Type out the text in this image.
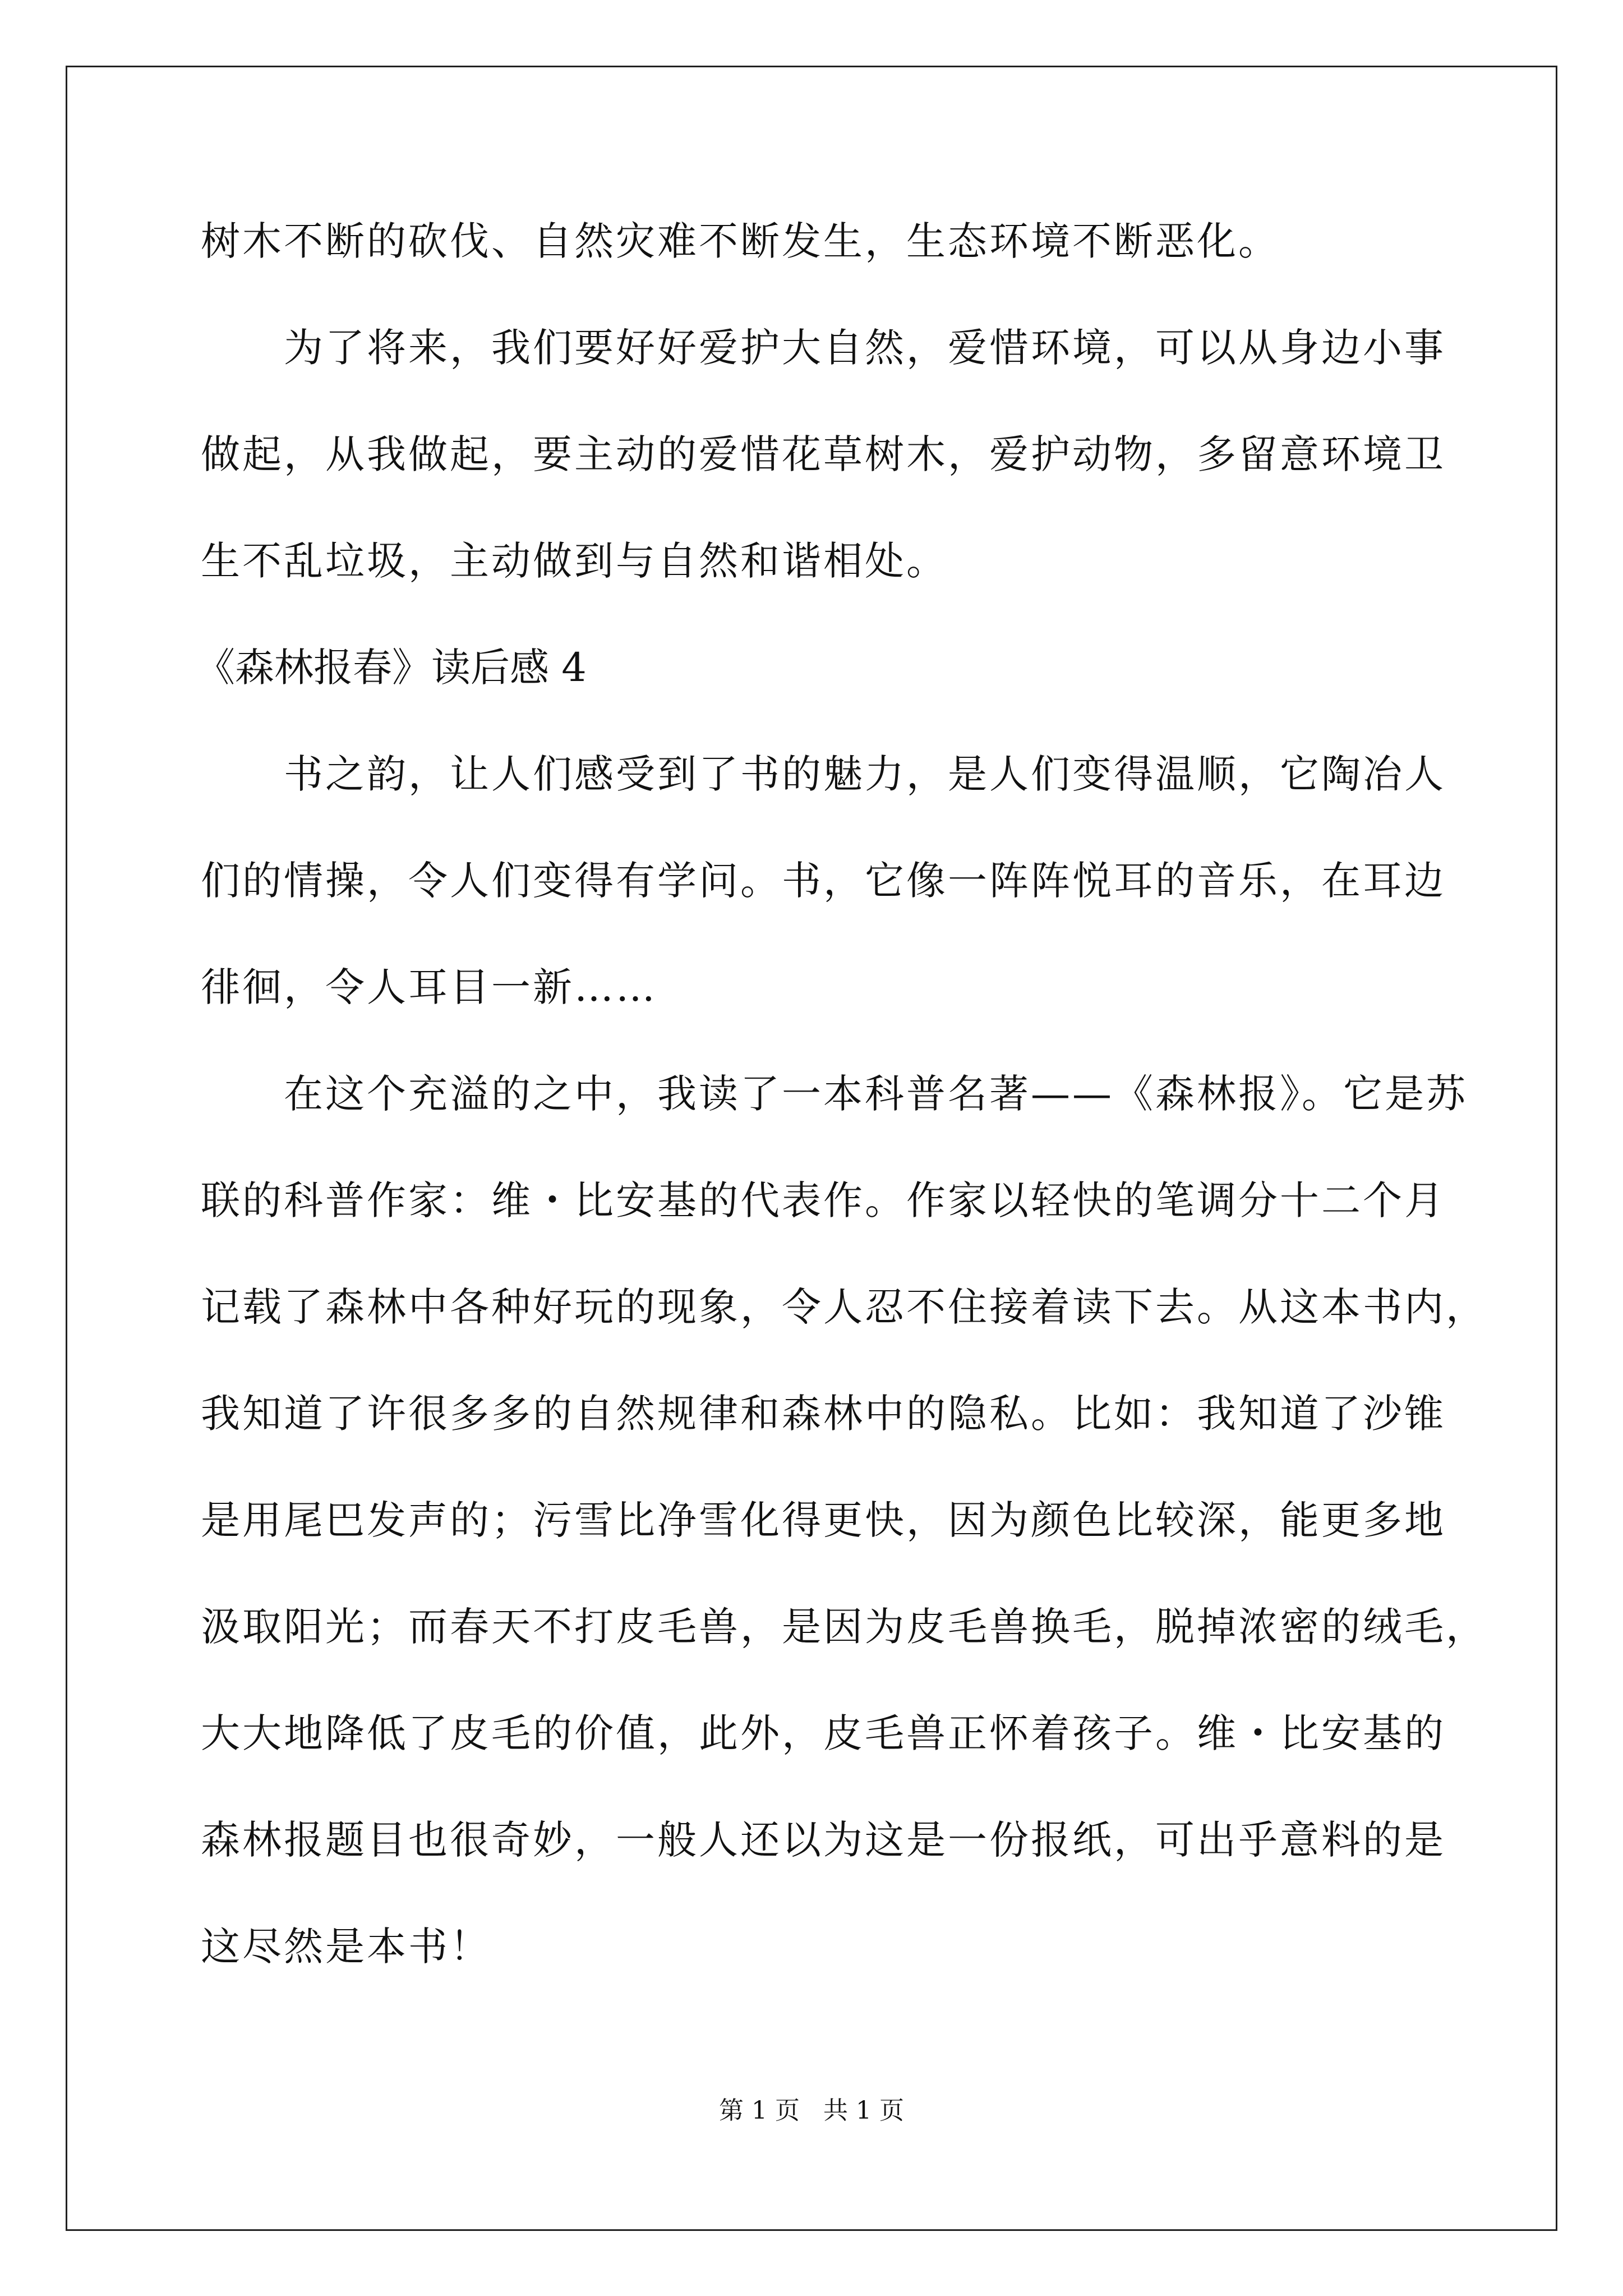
树木不断的砍伐、自然灾难不断发生，生态环境不断恶化。
为了将来，我们要好好爱护大自然，爱惜环境，可以从身边小事
做起，从我做起，要主动的爱惜花草树木，爱护动物，多留意环境卫
生不乱垃圾，主动做到与自然和谐相处。
《森林报春》读后感 4
书之韵，让人们感受到了书的魅力，是人们变得温顺，它陶冶人
们的情操，令人们变得有学问。书，它像一阵阵悦耳的音乐，在耳边
徘徊，令人耳目一新……
在这个充溢的之中，我读了一本科普名著——《森林报》。它是苏
联的科普作家：维・比安基的代表作。作家以轻快的笔调分十二个月
记载了森林中各种好玩的现象，令人忍不住接着读下去。从这本书内，
我知道了许很多多的自然规律和森林中的隐私。比如：我知道了沙锥
是用尾巴发声的；污雪比净雪化得更快，因为颜色比较深，能更多地
汲取阳光；而春天不打皮毛兽，是因为皮毛兽换毛，脱掉浓密的绒毛，
大大地降低了皮毛的价值，此外，皮毛兽正怀着孩子。维・比安基的
森林报题目也很奇妙，一般人还以为这是一份报纸，可出乎意料的是
这尽然是本书！
第 1 页   共 1 页
